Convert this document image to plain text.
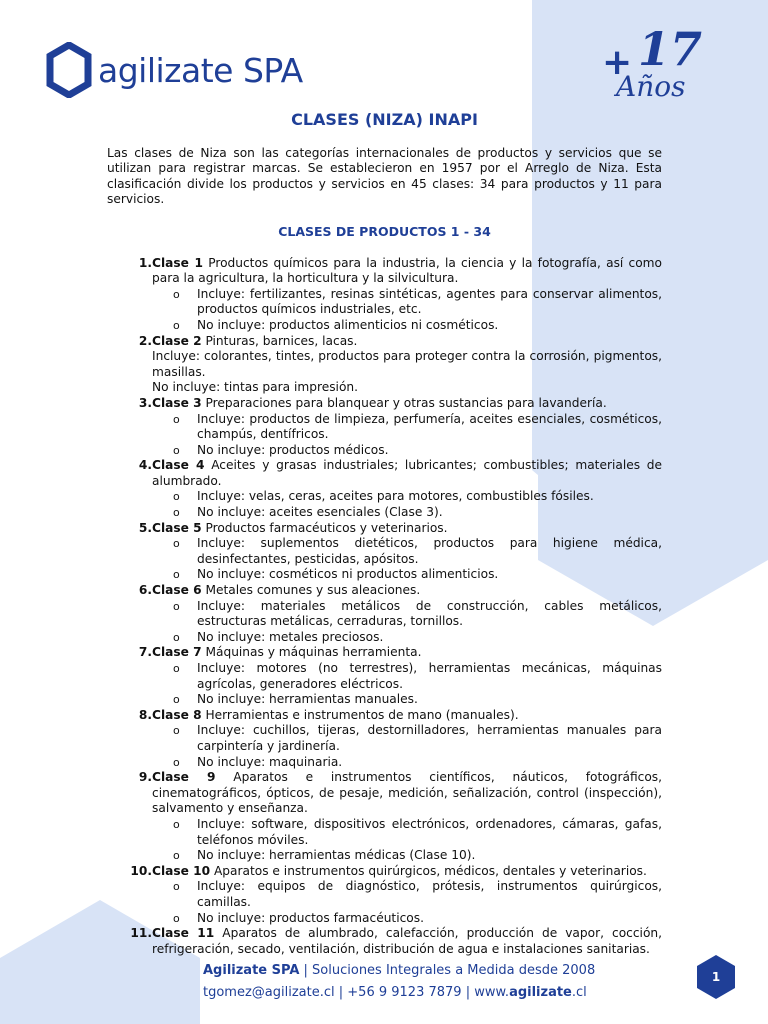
agilizate SPA	+ 17
Años
CLASES (NIZA) INAPI

Las clases de Niza son las categorías internacionales de productos y servicios que se utilizan para registrar marcas. Se establecieron en 1957 por el Arreglo de Niza. Esta clasificación divide los productos y servicios en 45 clases: 34 para productos y 11 para servicios.

CLASES DE PRODUCTOS 1 - 34
1. Clase 1 Productos químicos para la industria, la ciencia y la fotografía, así como para la agricultura, la horticultura y la silvicultura.
o Incluye: fertilizantes, resinas sintéticas, agentes para conservar alimentos, productos químicos industriales, etc.
o No incluye: productos alimenticios ni cosméticos.
2. Clase 2 Pinturas, barnices, lacas.
Incluye: colorantes, tintes, productos para proteger contra la corrosión, pigmentos, masillas.
No incluye: tintas para impresión.
3. Clase 3 Preparaciones para blanquear y otras sustancias para lavandería.
o Incluye: productos de limpieza, perfumería, aceites esenciales, cosméticos, champús, dentífricos.
o No incluye: productos médicos.
4. Clase 4 Aceites y grasas industriales; lubricantes; combustibles; materiales de alumbrado.
o Incluye: velas, ceras, aceites para motores, combustibles fósiles.
o No incluye: aceites esenciales (Clase 3).
5. Clase 5 Productos farmacéuticos y veterinarios.
o Incluye: suplementos dietéticos, productos para higiene médica, desinfectantes, pesticidas, apósitos.
o No incluye: cosméticos ni productos alimenticios.
6. Clase 6 Metales comunes y sus aleaciones.
o Incluye: materiales metálicos de construcción, cables metálicos, estructuras metálicas, cerraduras, tornillos.
o No incluye: metales preciosos.
7. Clase 7 Máquinas y máquinas herramienta.
o Incluye: motores (no terrestres), herramientas mecánicas, máquinas agrícolas, generadores eléctricos.
o No incluye: herramientas manuales.
8. Clase 8 Herramientas e instrumentos de mano (manuales).
o Incluye: cuchillos, tijeras, destornilladores, herramientas manuales para carpintería y jardinería.
o No incluye: maquinaria.
9. Clase 9 Aparatos e instrumentos científicos, náuticos, fotográficos, cinematográficos, ópticos, de pesaje, medición, señalización, control (inspección), salvamento y enseñanza.
o Incluye: software, dispositivos electrónicos, ordenadores, cámaras, gafas, teléfonos móviles.
o No incluye: herramientas médicas (Clase 10).
10. Clase 10 Aparatos e instrumentos quirúrgicos, médicos, dentales y veterinarios.
o Incluye: equipos de diagnóstico, prótesis, instrumentos quirúrgicos, camillas.
o No incluye: productos farmacéuticos.
11. Clase 11 Aparatos de alumbrado, calefacción, producción de vapor, cocción, refrigeración, secado, ventilación, distribución de agua e instalaciones sanitarias.
Agilizate SPA | Soluciones Integrales a Medida desde 2008
tgomez@agilizate.cl | +56 9 9123 7879 | www.agilizate.cl
1
